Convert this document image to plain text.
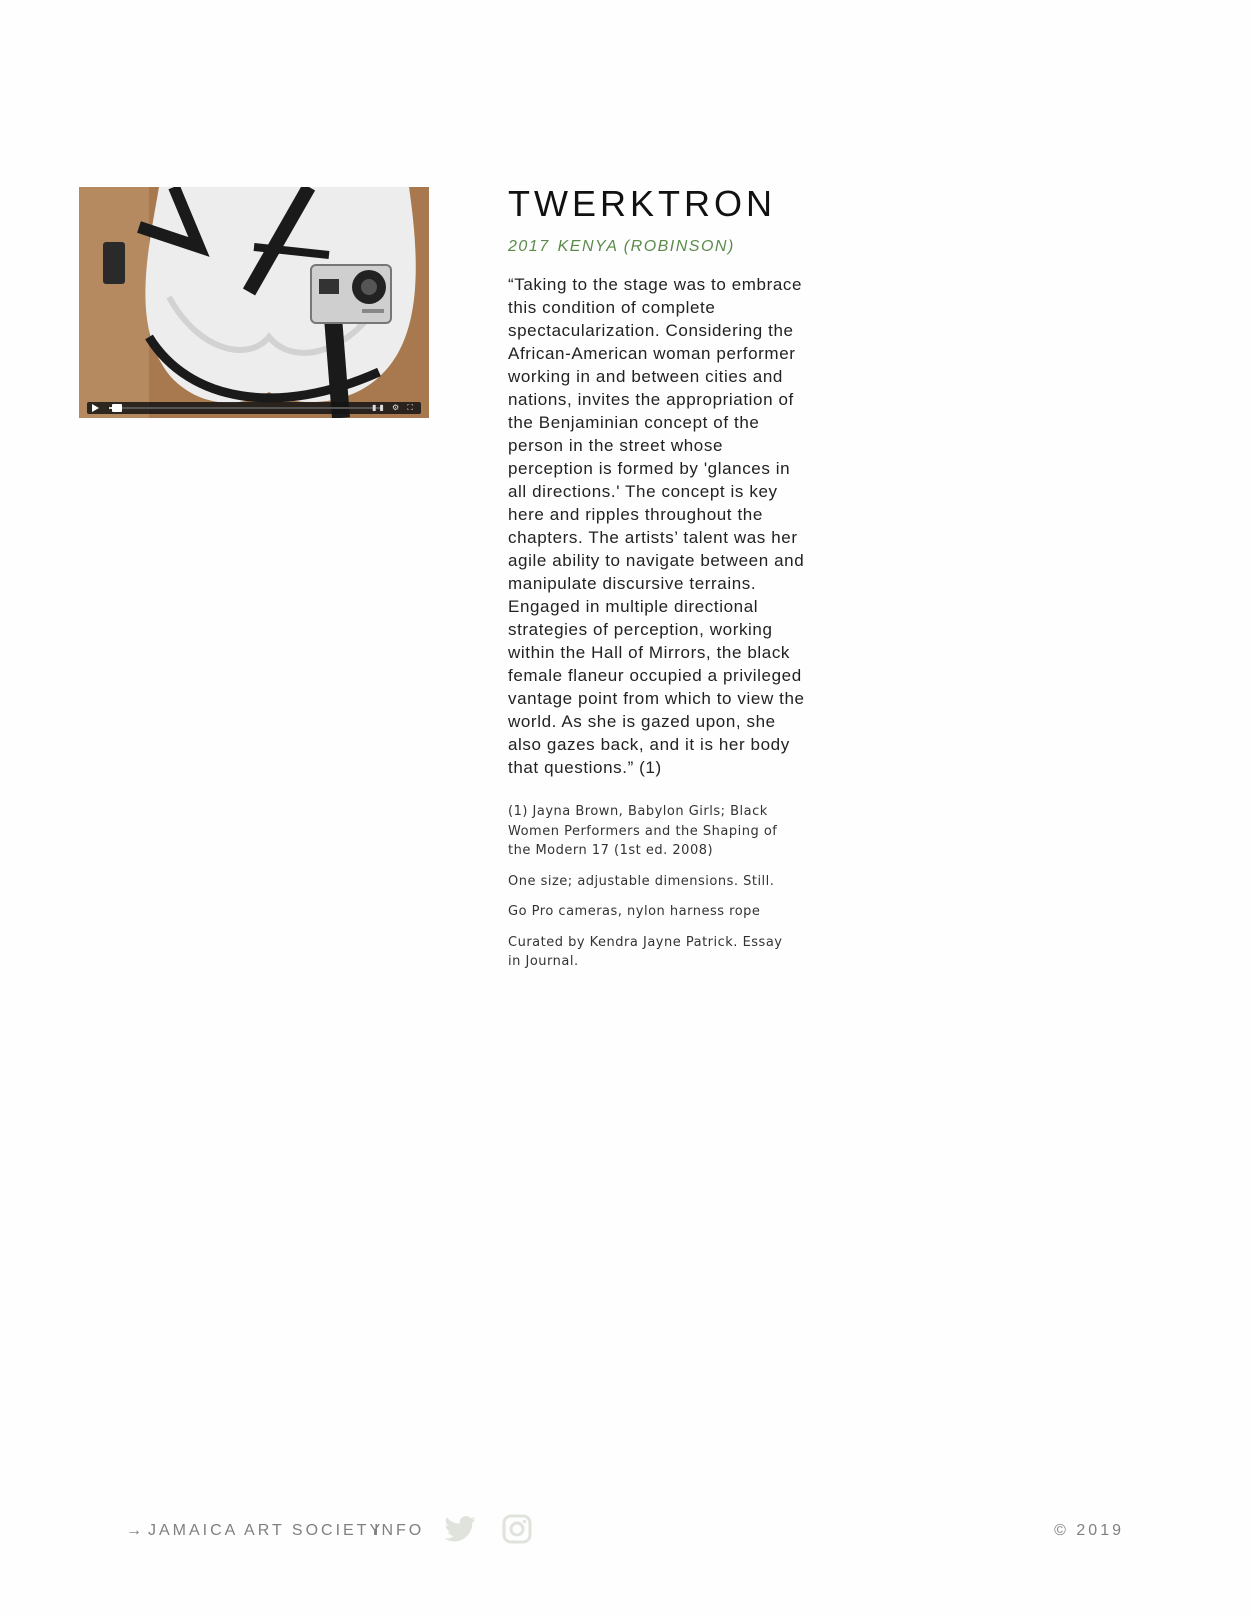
▮▮ ⚙ ⛶
TWERKTRON
2017 KENYA (ROBINSON)

“Taking to the stage was to embrace this condition of complete spectacularization. Considering the African-American woman performer working in and between cities and nations, invites the appropriation of the Benjaminian concept of the person in the street whose perception is formed by 'glances in all directions.' The concept is key here and ripples throughout the chapters. The artists’ talent was her agile ability to navigate between and manipulate discursive terrains. Engaged in multiple directional strategies of perception, working within the Hall of Mirrors, the black female flaneur occupied a privileged vantage point from which to view the world. As she is gazed upon, she also gazes back, and it is her body that questions.” (1)

(1) Jayna Brown, Babylon Girls; Black Women Performers and the Shaping of the Modern 17 (1st ed. 2008)
One size; adjustable dimensions. Still.
Go Pro cameras, nylon harness rope
Curated by Kendra Jayne Patrick. Essay in Journal.
→ JAMAICA ART SOCIETY
INFO	© 2019
